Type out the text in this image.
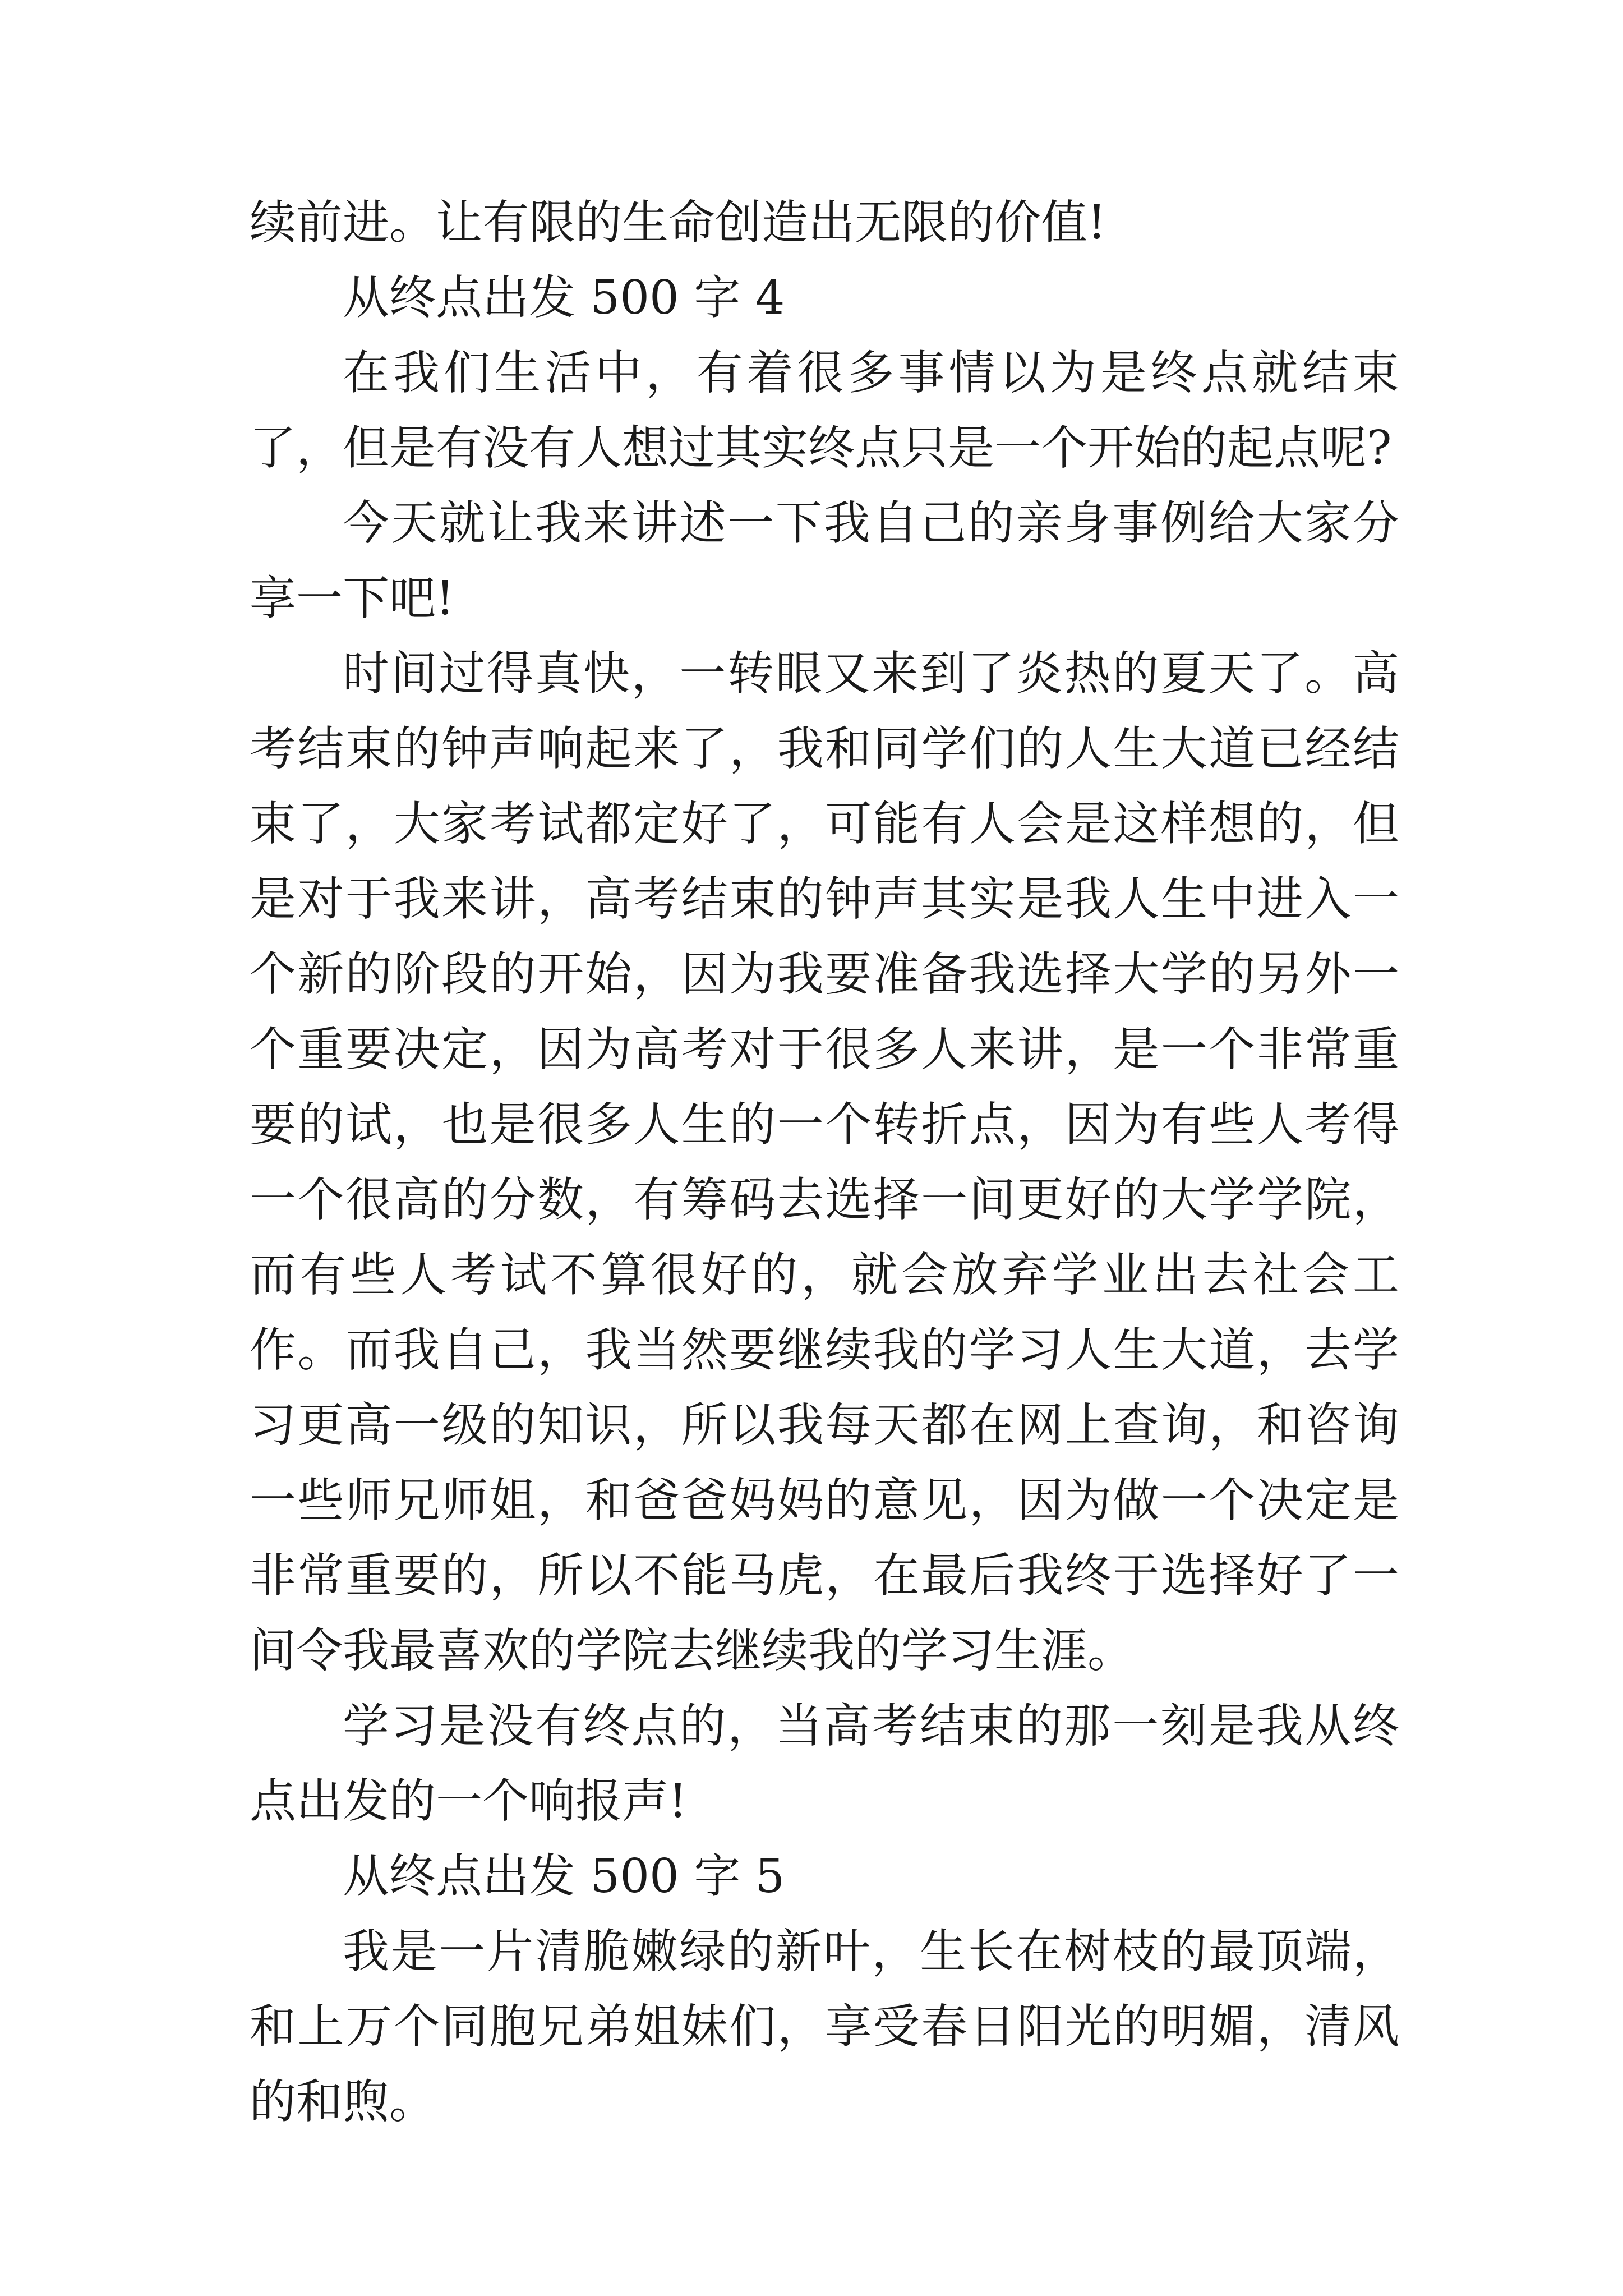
续前进。让有限的生命创造出无限的价值!

从终点出发 500 字 4

在我们生活中，有着很多事情以为是终点就结束了，但是有没有人想过其实终点只是一个开始的起点呢?

今天就让我来讲述一下我自己的亲身事例给大家分享一下吧!

时间过得真快，一转眼又来到了炎热的夏天了。高考结束的钟声响起来了，我和同学们的人生大道已经结束了，大家考试都定好了，可能有人会是这样想的，但是对于我来讲，高考结束的钟声其实是我人生中进入一个新的阶段的开始，因为我要准备我选择大学的另外一个重要决定，因为高考对于很多人来讲，是一个非常重要的试，也是很多人生的一个转折点，因为有些人考得一个很高的分数，有筹码去选择一间更好的大学学院，而有些人考试不算很好的，就会放弃学业出去社会工作。而我自己，我当然要继续我的学习人生大道，去学习更高一级的知识，所以我每天都在网上查询，和咨询一些师兄师姐，和爸爸妈妈的意见，因为做一个决定是非常重要的，所以不能马虎，在最后我终于选择好了一间令我最喜欢的学院去继续我的学习生涯。

学习是没有终点的，当高考结束的那一刻是我从终点出发的一个响报声!

从终点出发 500 字 5

我是一片清脆嫩绿的新叶，生长在树枝的最顶端，和上万个同胞兄弟姐妹们，享受春日阳光的明媚，清风的和煦。
